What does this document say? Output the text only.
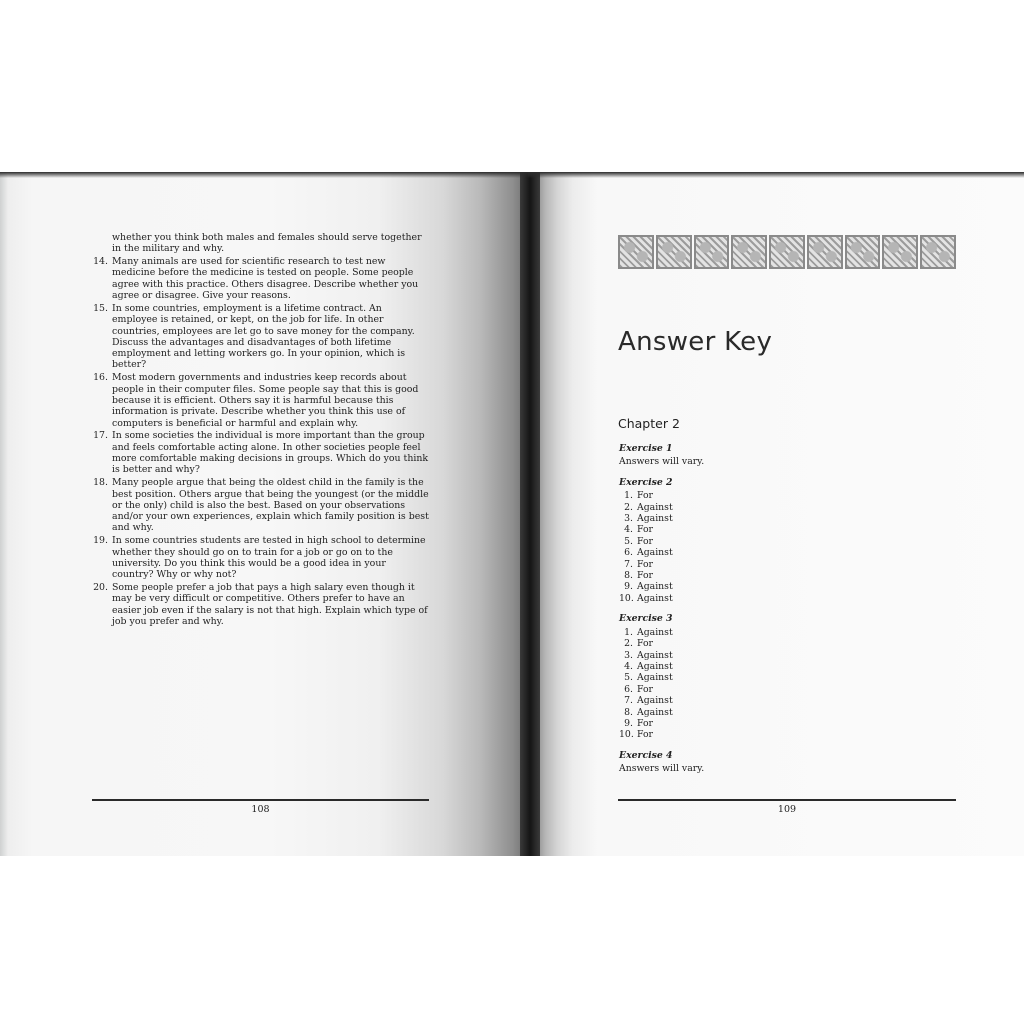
whether you think both males and females should serve together in the military and why.
14. Many animals are used for scientific research to test new medicine before the medicine is tested on people. Some people agree with this practice. Others disagree. Describe whether you agree or disagree. Give your reasons.
15. In some countries, employment is a lifetime contract. An employee is retained, or kept, on the job for life. In other countries, employees are let go to save money for the company. Discuss the advantages and disadvantages of both lifetime employment and letting workers go. In your opinion, which is better?
16. Most modern governments and industries keep records about people in their computer files. Some people say that this is good because it is efficient. Others say it is harmful because this information is private. Describe whether you think this use of computers is beneficial or harmful and explain why.
17. In some societies the individual is more important than the group and feels comfortable acting alone. In other societies people feel more comfortable making decisions in groups. Which do you think is better and why?
18. Many people argue that being the oldest child in the family is the best position. Others argue that being the youngest (or the middle or the only) child is also the best. Based on your observations and/or your own experiences, explain which family position is best and why.
19. In some countries students are tested in high school to determine whether they should go on to train for a job or go on to the university. Do you think this would be a good idea in your country? Why or why not?
20. Some people prefer a job that pays a high salary even though it may be very difficult or competitive. Others prefer to have an easier job even if the salary is not that high. Explain which type of job you prefer and why.
108
Answer Key
Chapter 2
Exercise 1
Answers will vary.
Exercise 2
1. For
2. Against
3. Against
4. For
5. For
6. Against
7. For
8. For
9. Against
10. Against
Exercise 3
1. Against
2. For
3. Against
4. Against
5. Against
6. For
7. Against
8. Against
9. For
10. For
Exercise 4
Answers will vary.
109
